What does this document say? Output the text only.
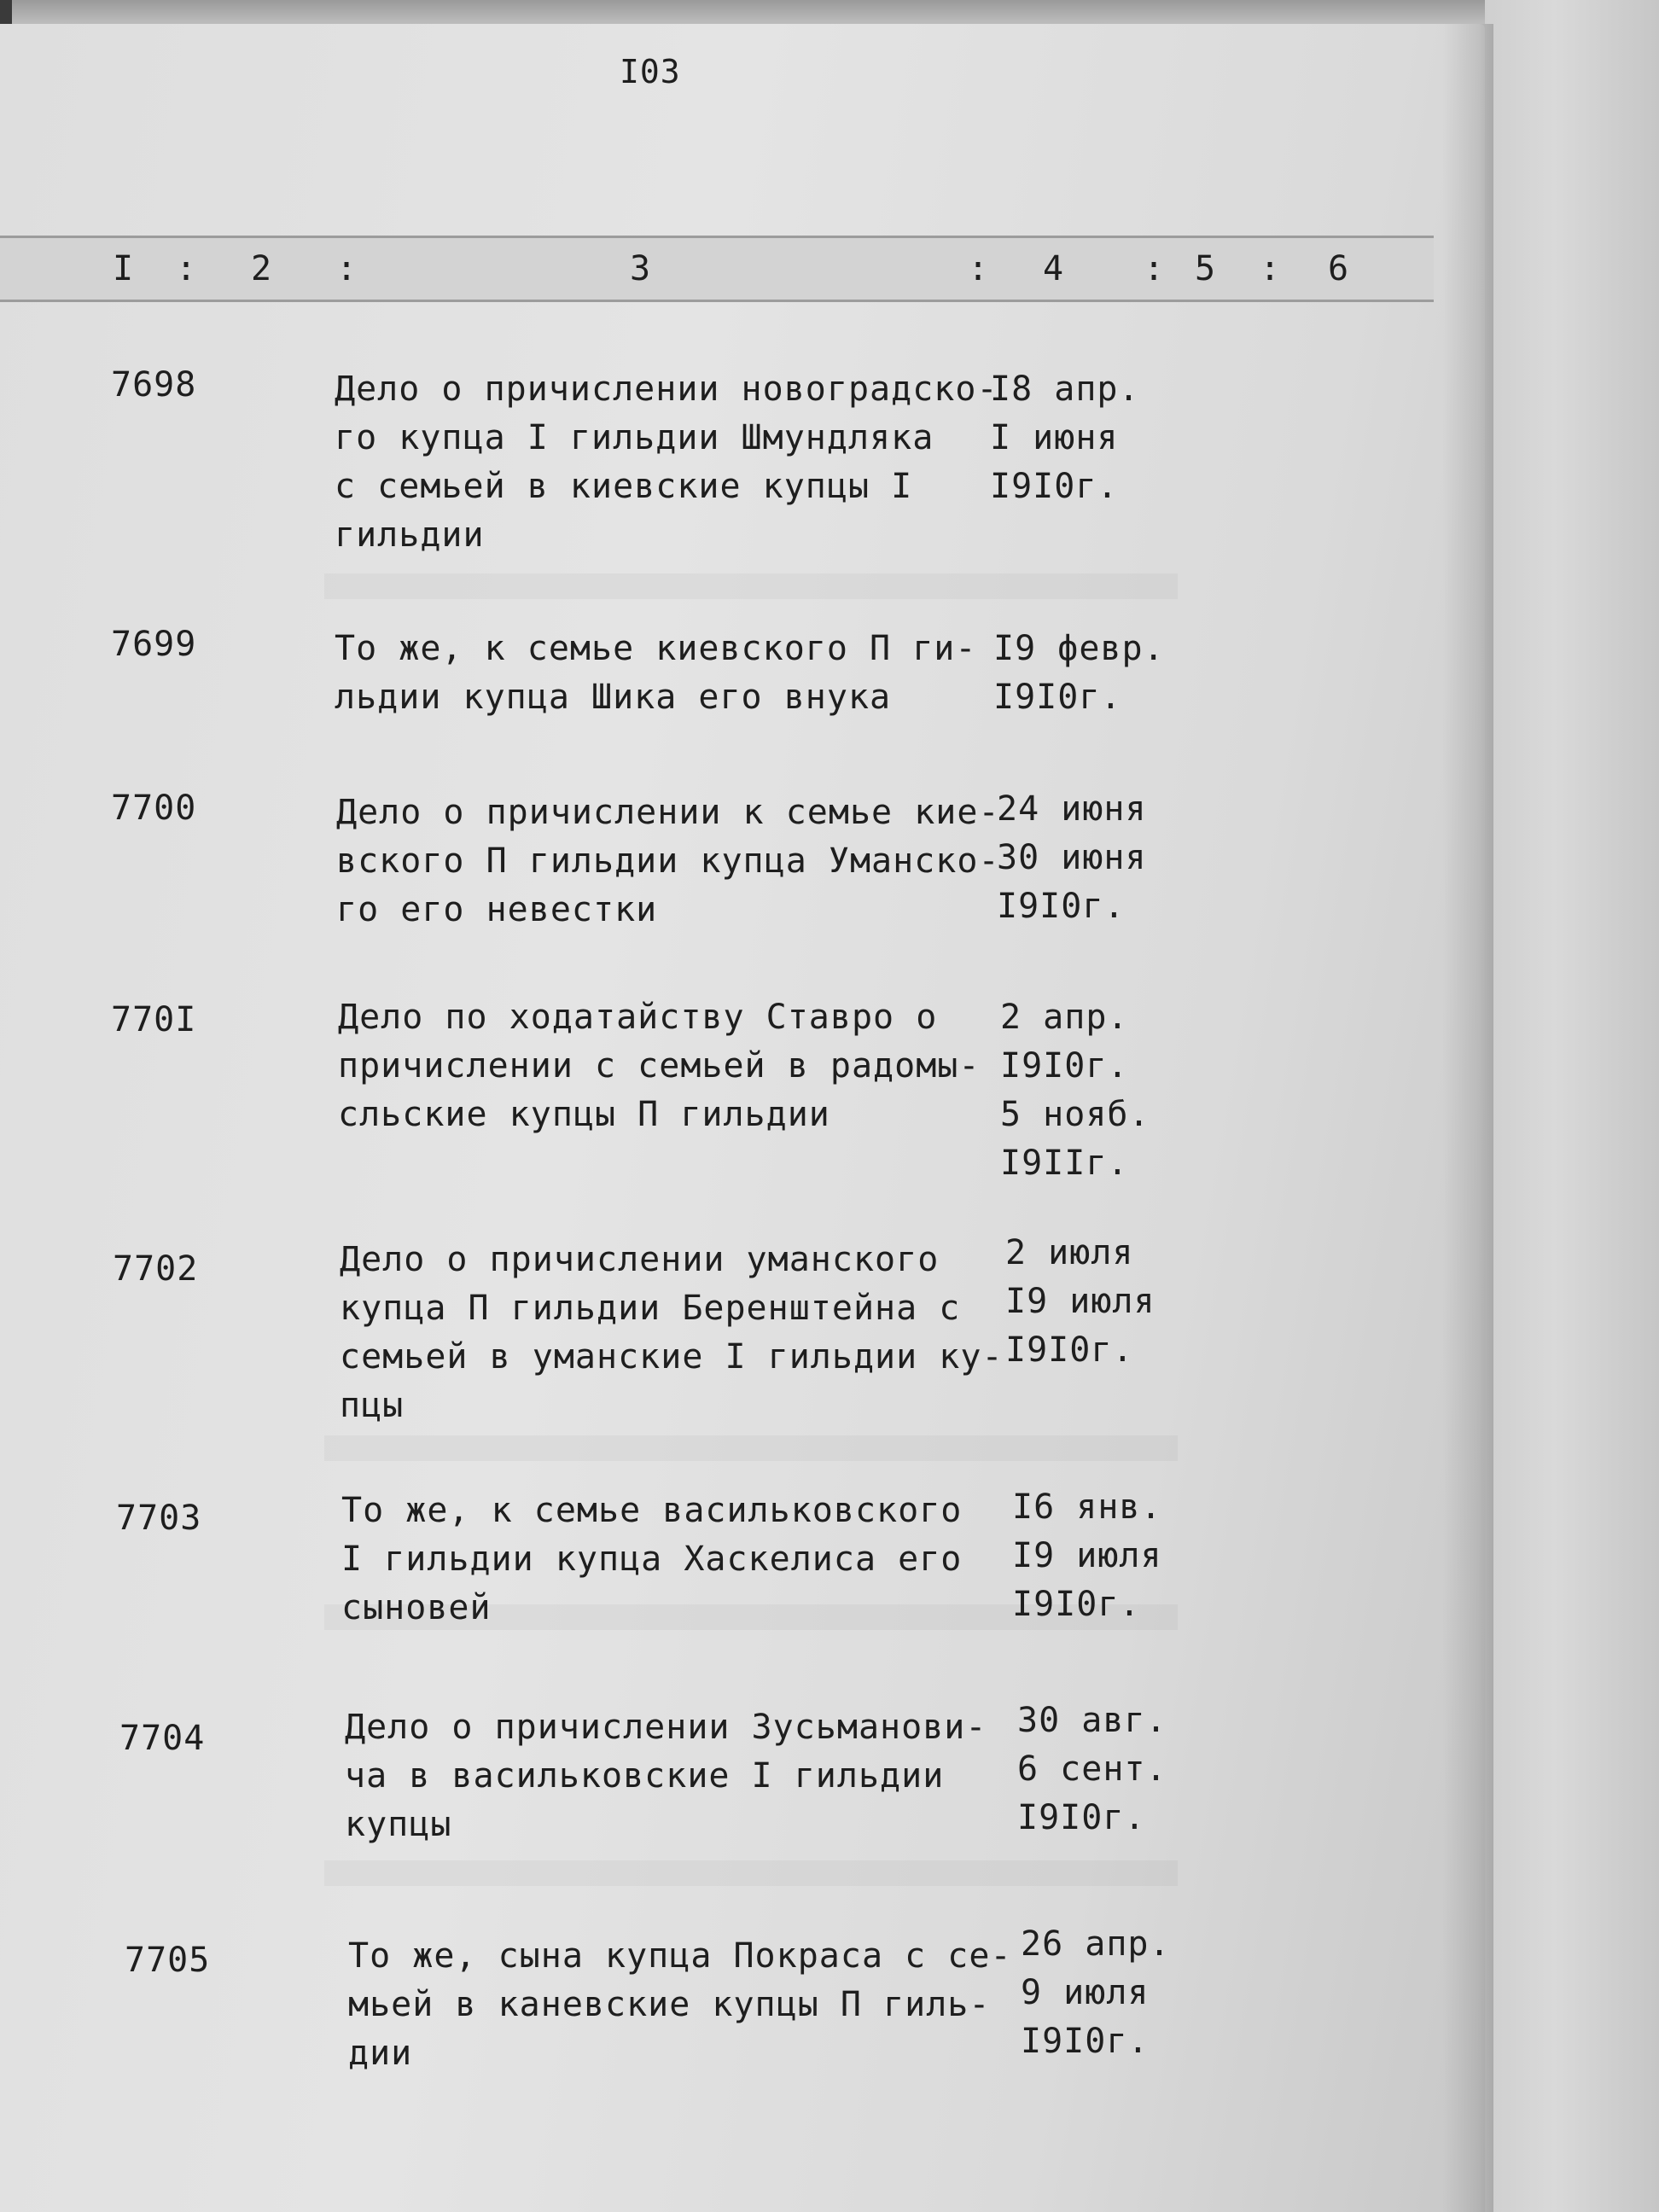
I03
I : 2 :	3	: 4 : 5 : 6
7698	Дело о причислении новоградско-
го купца I гильдии Шмундляка
с семьей в киевские купцы I
гильдии
I8 апр.
I июня
I9I0г.
7699	То же, к семье киевского П ги-
льдии купца Шика его внука
I9 февр.
I9I0г.
7700	Дело о причислении к семье кие-
вского П гильдии купца Уманско-
го его невестки
24 июня
30 июня
I9I0г.
770I	Дело по ходатайству Ставро о
причислении с семьей в радомы-
сльские купцы П гильдии
2 апр.
I9I0г.
5 нояб.
I9IIг.
7702	Дело о причислении уманского
купца П гильдии Беренштейна с
семьей в уманские I гильдии ку-
пцы
2 июля
I9 июля
I9I0г.
7703	То же, к семье васильковского
I гильдии купца Хаскелиса его
сыновей
I6 янв.
I9 июля
I9I0г.
7704	Дело о причислении Зусьманови-
ча в васильковские I гильдии
купцы
30 авг.
6 сент.
I9I0г.
7705	То же, сына купца Покраса с се-
мьей в каневские купцы П гиль-
дии
26 апр.
9 июля
I9I0г.
